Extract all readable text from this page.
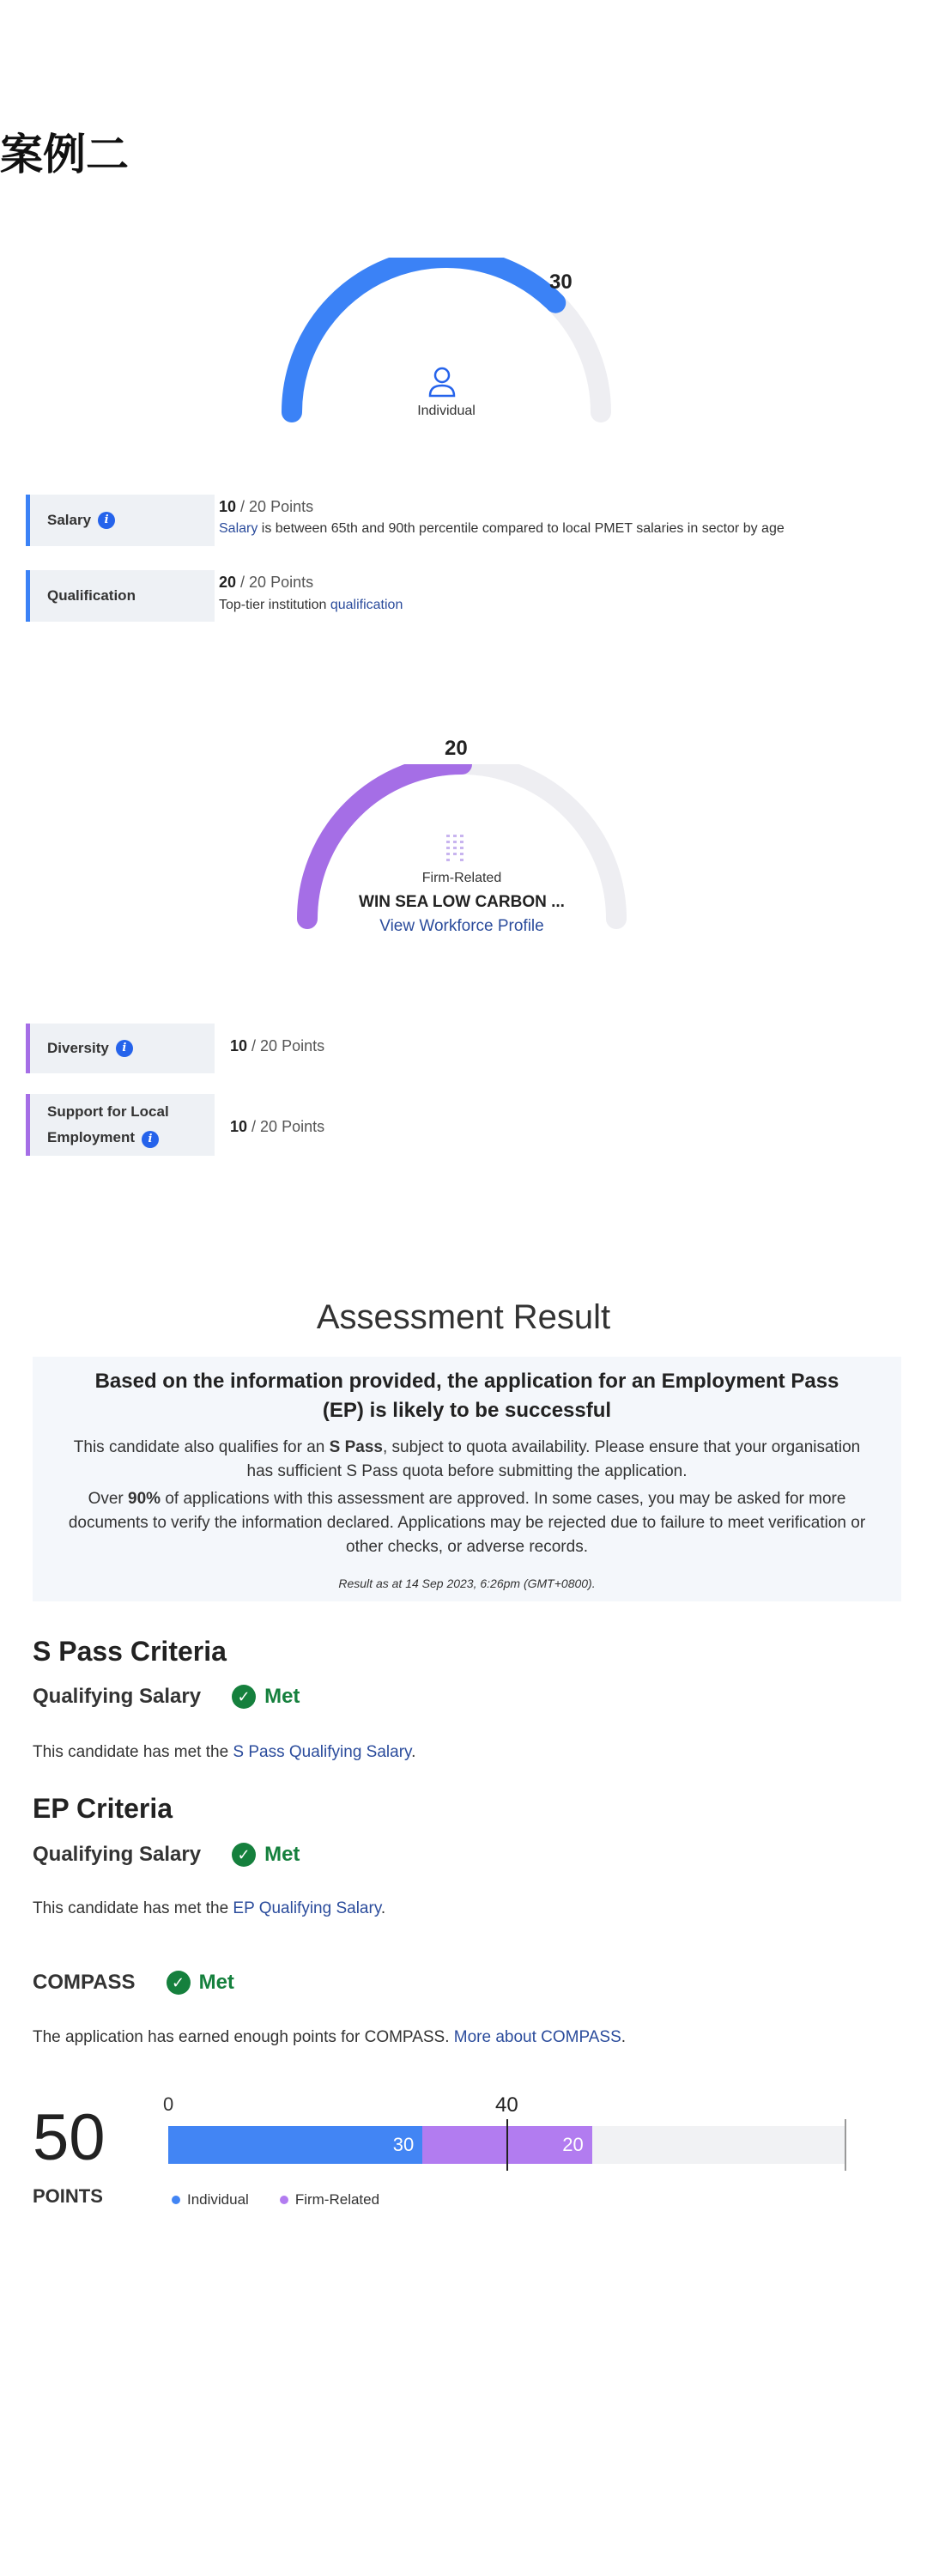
案例二
30
Individual
Salary	i
10 / 20 Points
Salary is between 65th and 90th percentile compared to local PMET salaries in sector by age
Qualification
20 / 20 Points
Top-tier institution qualification
20
Firm-Related
WIN SEA LOW CARBON ...
View Workforce Profile
Diversity	i	10 / 20 Points
Support for Local
Employment i
10 / 20 Points
Assessment Result
Based on the information provided, the application for an Employment Pass (EP) is likely to be successful
This candidate also qualifies for an S Pass, subject to quota availability. Please ensure that your organisation has sufficient S Pass quota before submitting the application.
Over 90% of applications with this assessment are approved. In some cases, you may be asked for more documents to verify the information declared. Applications may be rejected due to failure to meet verification or other checks, or adverse records.
Result as at 14 Sep 2023, 6:26pm (GMT+0800).
S Pass Criteria
Qualifying Salary	✓ Met
This candidate has met the S Pass Qualifying Salary.
EP Criteria
Qualifying Salary	✓ Met
This candidate has met the EP Qualifying Salary.
COMPASS	✓ Met
The application has earned enough points for COMPASS. More about COMPASS.
50
POINTS
0	40
30	20
Individual	Firm-Related
